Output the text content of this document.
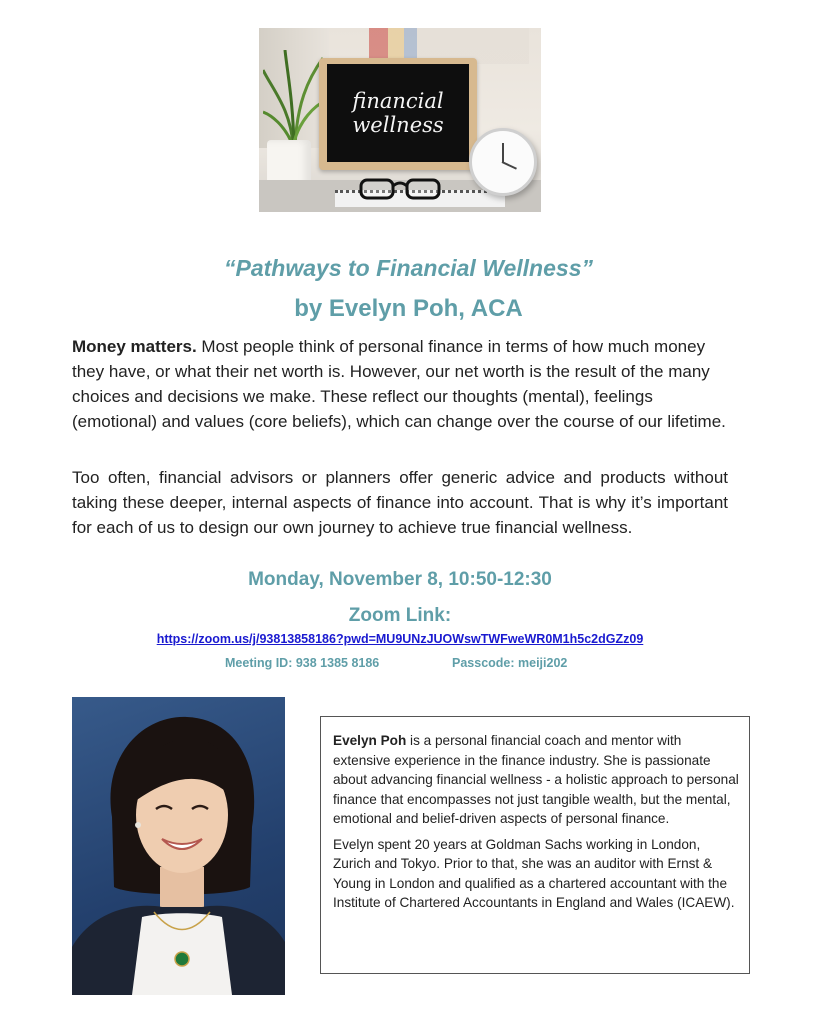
financial
wellness
“Pathways to Financial Wellness”
by Evelyn Poh, ACA
Money matters. Most people think of personal finance in terms of how much money they have, or what their net worth is. However, our net worth is the result of the many choices and decisions we make. These reflect our thoughts (mental), feelings (emotional) and values (core beliefs), which can change over the course of our lifetime.
Too often, financial advisors or planners offer generic advice and products without taking these deeper, internal aspects of finance into account. That is why it’s important for each of us to design our own journey to achieve true financial wellness.
Monday, November 8, 10:50-12:30
Zoom Link:
https://zoom.us/j/93813858186?pwd=MU9UNzJUOWswTWFweWR0M1h5c2dGZz09
Meeting ID: 938 1385 8186	Passcode: meiji202

Evelyn Poh is a personal financial coach and mentor with extensive experience in the finance industry. She is passionate about advancing financial wellness - a holistic approach to personal finance that encompasses not just tangible wealth, but the mental, emotional and belief-driven aspects of personal finance.

Evelyn spent 20 years at Goldman Sachs working in London, Zurich and Tokyo. Prior to that, she was an auditor with Ernst & Young in London and qualified as a chartered accountant with the Institute of Chartered Accountants in England and Wales (ICAEW).
